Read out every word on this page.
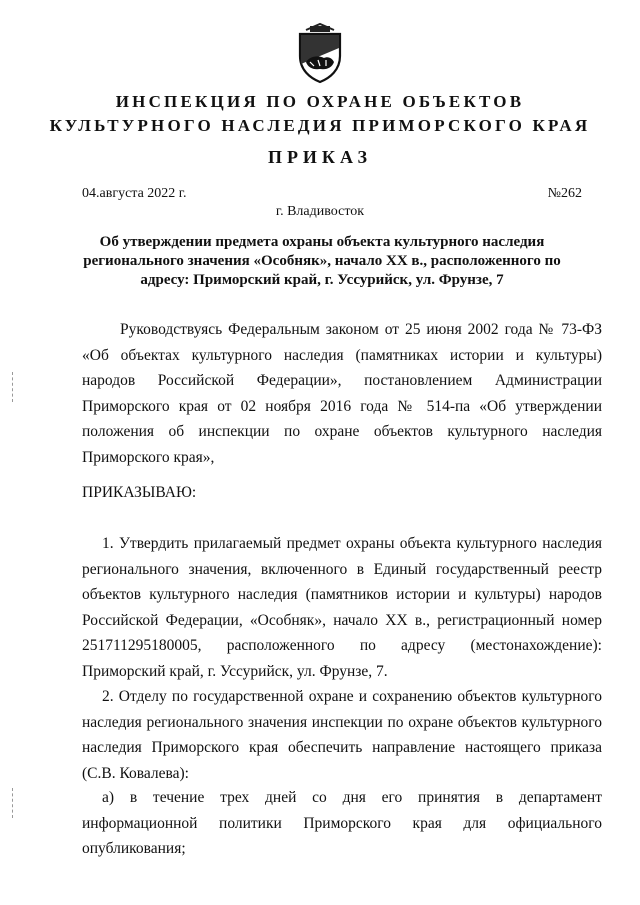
ИНСПЕКЦИЯ ПО ОХРАНЕ ОБЪЕКТОВ
КУЛЬТУРНОГО НАСЛЕДИЯ ПРИМОРСКОГО КРАЯ
ПРИКАЗ
04.августа 2022 г.	№262
г. Владивосток
Об утверждении предмета охраны объекта культурного наследия регионального значения «Особняк», начало XX в., расположенного по адресу: Приморский край, г. Уссурийск, ул. Фрунзе, 7
Руководствуясь Федеральным законом от 25 июня 2002 года № 73-ФЗ «Об объектах культурного наследия (памятниках истории и культуры) народов Российской Федерации», постановлением Администрации Приморского края от 02 ноября 2016 года № 514-па «Об утверждении положения об инспекции по охране объектов культурного наследия Приморского края»,
ПРИКАЗЫВАЮ:
1. Утвердить прилагаемый предмет охраны объекта культурного наследия регионального значения, включенного в Единый государственный реестр объектов культурного наследия (памятников истории и культуры) народов Российской Федерации, «Особняк», начало XX в., регистрационный номер 251711295180005, расположенного по адресу (местонахождение): Приморский край, г. Уссурийск, ул. Фрунзе, 7.
2. Отделу по государственной охране и сохранению объектов культурного наследия регионального значения инспекции по охране объектов культурного наследия Приморского края обеспечить направление настоящего приказа (С.В. Ковалева):
а) в течение трех дней со дня его принятия в департамент информационной политики Приморского края для официального опубликования;
